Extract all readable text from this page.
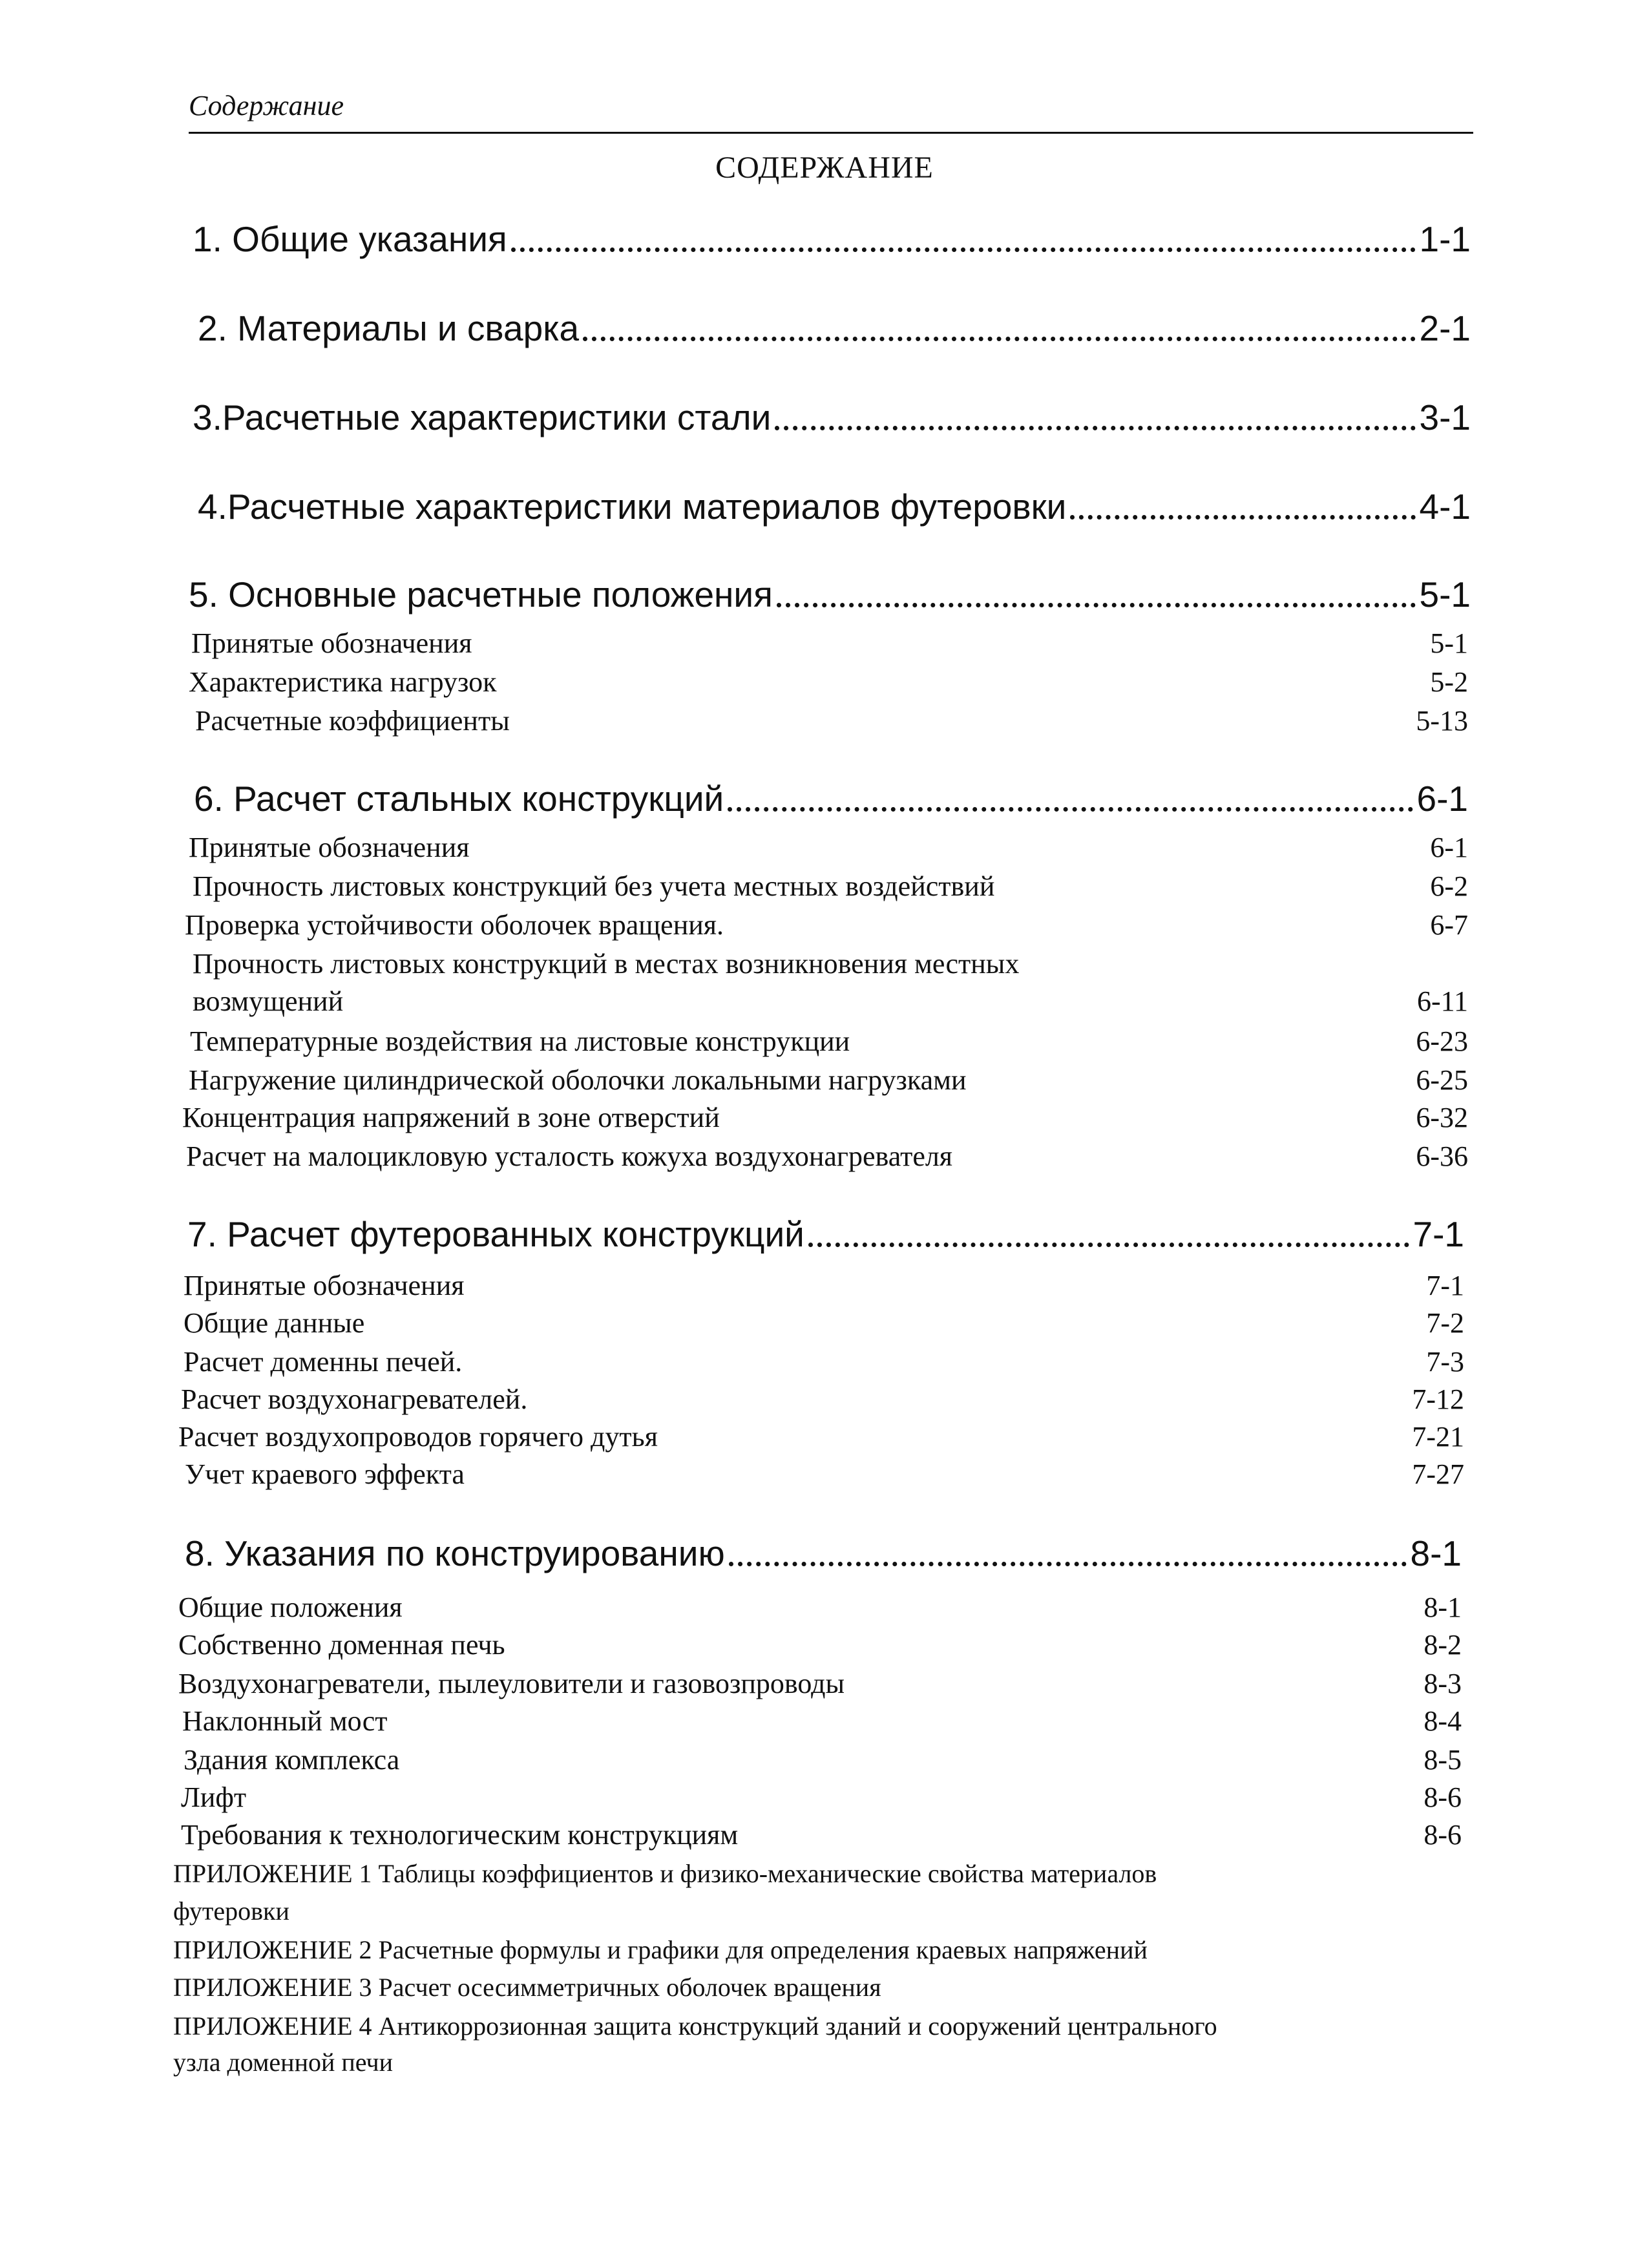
Содержание
СОДЕРЖАНИЕ
1. Общие указания	1-1
2. Материалы и сварка	2-1
3.Расчетные характеристики стали	3-1
4.Расчетные характеристики материалов футеровки	4-1
5. Основные расчетные положения	5-1
Принятые обозначения	5-1
Характеристика нагрузок	5-2
Расчетные коэффициенты	5-13
6. Расчет стальных конструкций	6-1
Принятые обозначения	6-1
Прочность листовых конструкций без учета местных воздействий	6-2
Проверка устойчивости оболочек вращения.	6-7
Прочность листовых конструкций в местах возникновения местных
возмущений	6-11
Температурные воздействия на листовые конструкции	6-23
Нагружение цилиндрической оболочки локальными нагрузками	6-25
Концентрация напряжений в зоне отверстий	6-32
Расчет на малоцикловую усталость кожуха воздухонагревателя	6-36
7. Расчет футерованных конструкций	7-1
Принятые обозначения	7-1
Общие данные	7-2
Расчет доменны печей.	7-3
Расчет воздухонагревателей.	7-12
Расчет воздухопроводов горячего дутья	7-21
Учет краевого эффекта	7-27
8. Указания по конструированию	8-1
Общие положения	8-1
Собственно доменная печь	8-2
Воздухонагреватели, пылеуловители и газовозпроводы	8-3
Наклонный мост	8-4
Здания комплекса	8-5
Лифт	8-6
Требования к технологическим конструкциям	8-6
ПРИЛОЖЕНИЕ 1 Таблицы коэффициентов и физико-механические свойства материалов
футеровки
ПРИЛОЖЕНИЕ 2 Расчетные формулы и графики для определения краевых напряжений
ПРИЛОЖЕНИЕ 3 Расчет осесимметричных оболочек вращения
ПРИЛОЖЕНИЕ 4 Антикоррозионная защита конструкций зданий и сооружений центрального
узла доменной печи
